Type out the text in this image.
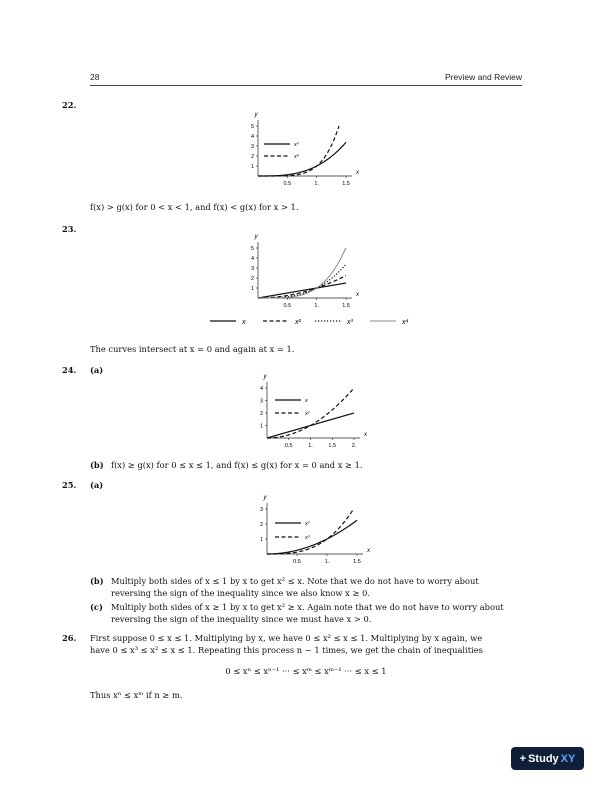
28	Preview and Review
22.
y
x
0.5	1.	1.5
1
2
3
4
5
x³
x⁵
f(x) > g(x) for 0 < x < 1, and f(x) < g(x) for x > 1.
23.
y
x
0.5	1.	1.5
1
2
3
4
5
x	x²	x³	x⁴
The curves intersect at x = 0 and again at x = 1.
24. (a)
y
x
0.5	1.	1.5	2.
1
2
3
4
x
x²
(b) f(x) ≥ g(x) for 0 ≤ x ≤ 1, and f(x) ≤ g(x) for x = 0 and x ≥ 1.
25. (a)
y
x
0.5	1.	1.5
1
2
3
x²
x³
(b) Multiply both sides of x ≤ 1 by x to get x² ≤ x. Note that we do not have to worry about reversing the sign of the inequality since we also know x ≥ 0.
(c) Multiply both sides of x ≥ 1 by x to get x² ≥ x. Again note that we do not have to worry about reversing the sign of the inequality since we must have x > 0.
26. First suppose 0 ≤ x ≤ 1. Multiplying by x, we have 0 ≤ x² ≤ x ≤ 1. Multiplying by x again, we
have 0 ≤ x³ ≤ x² ≤ x ≤ 1. Repeating this process n − 1 times, we get the chain of inequalities
0 ≤ xⁿ ≤ xⁿ⁻¹ ··· ≤ xᵐ ≤ xᵐ⁻¹ ··· ≤ x ≤ 1
Thus xⁿ ≤ xᵐ if n ≥ m.
+ Study XY
